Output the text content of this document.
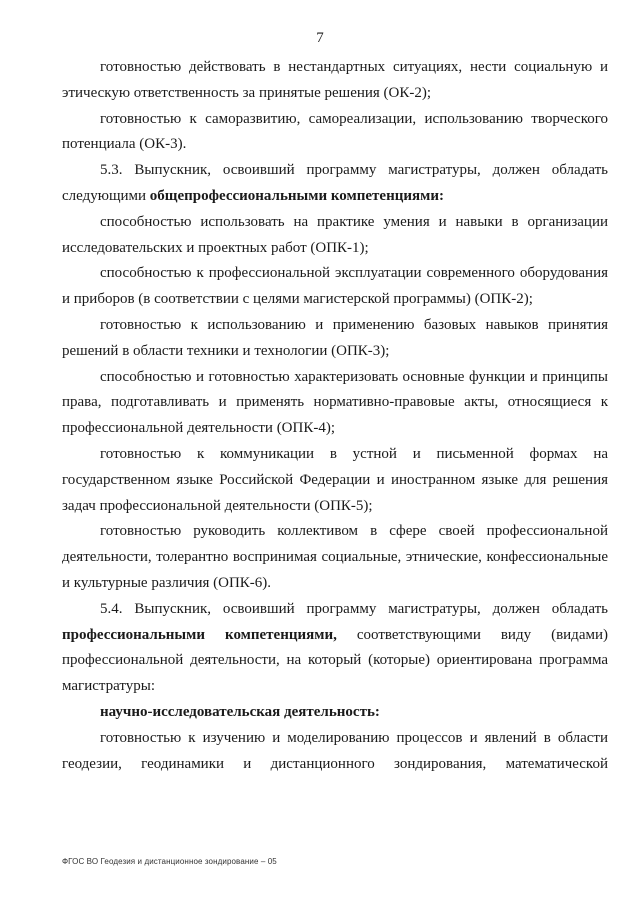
7

готовностью действовать в нестандартных ситуациях, нести социальную и этическую ответственность за принятые решения (ОК-2);

готовностью к саморазвитию, самореализации, использованию творческого потенциала (ОК-3).

5.3. Выпускник, освоивший программу магистратуры, должен обладать следующими общепрофессиональными компетенциями:

способностью использовать на практике умения и навыки в организации исследовательских и проектных работ (ОПК-1);

способностью к профессиональной эксплуатации современного оборудования и приборов (в соответствии с целями магистерской программы) (ОПК-2);

готовностью к использованию и применению базовых навыков принятия решений в области техники и технологии (ОПК-3);

способностью и готовностью характеризовать основные функции и принципы права, подготавливать и применять нормативно-правовые акты, относящиеся к профессиональной деятельности (ОПК-4);

готовностью к коммуникации в устной и письменной формах на государственном языке Российской Федерации и иностранном языке для решения задач профессиональной деятельности (ОПК-5);

готовностью руководить коллективом в сфере своей профессиональной деятельности, толерантно воспринимая социальные, этнические, конфессиональные и культурные различия (ОПК-6).

5.4. Выпускник, освоивший программу магистратуры, должен обладать профессиональными компетенциями, соответствующими виду (видами) профессиональной деятельности, на который (которые) ориентирована программа магистратуры:

научно-исследовательская деятельность:

готовностью к изучению и моделированию процессов и явлений в области геодезии, геодинамики и дистанционного зондирования, математической

ФГОС ВО Геодезия и дистанционное зондирование – 05
